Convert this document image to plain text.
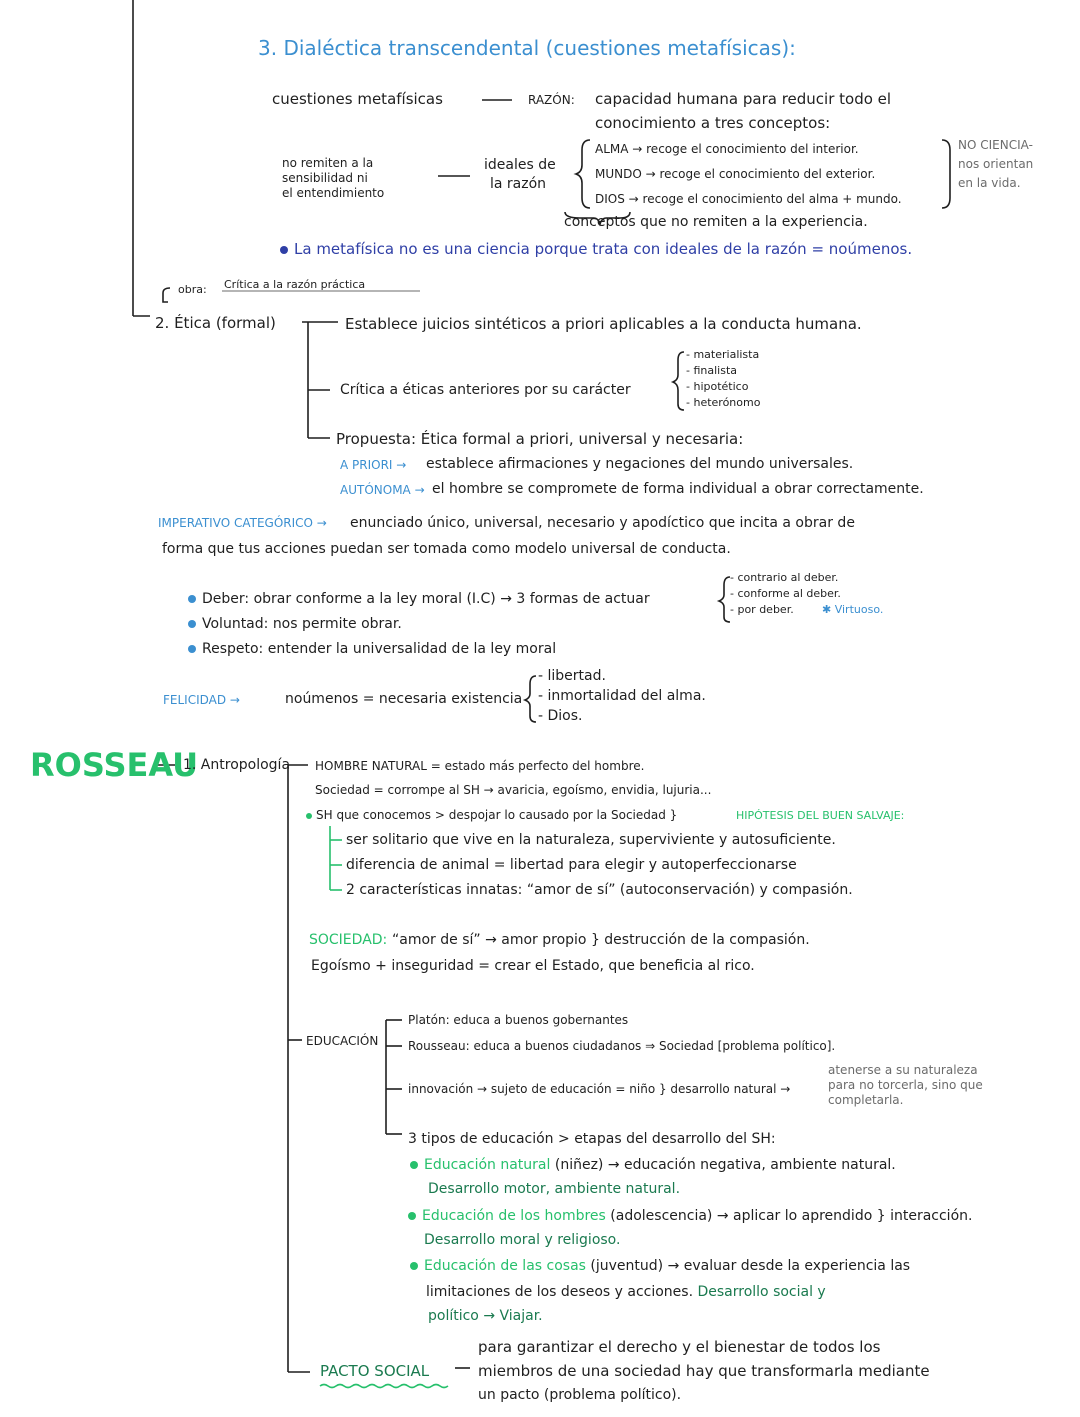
3. Dialéctica transcendental (cuestiones metafísicas):
cuestiones metafísicas	RAZÓN: capacidad humana para reducir todo el
conocimiento a tres conceptos:
no remiten a la
sensibilidad ni
el entendimiento
ideales de
la razón
ALMA → recoge el conocimiento del interior.
MUNDO → recoge el conocimiento del exterior.
DIOS → recoge el conocimiento del alma + mundo.
NO CIENCIA-
nos orientan
en la vida.
conceptos que no remiten a la experiencia.
La metafísica no es una ciencia porque trata con ideales de la razón = noúmenos.
obra: Crítica a la razón práctica
2. Ética (formal)	Establece juicios sintéticos a priori aplicables a la conducta humana.
Crítica a éticas anteriores por su carácter
- materialista
- finalista
- hipotético
- heterónomo
Propuesta: Ética formal a priori, universal y necesaria:
A PRIORI → establece afirmaciones y negaciones del mundo universales.
AUTÓNOMA → el hombre se compromete de forma individual a obrar correctamente.
IMPERATIVO CATEGÓRICO → enunciado único, universal, necesario y apodíctico que incita a obrar de
forma que tus acciones puedan ser tomada como modelo universal de conducta.
Deber: obrar conforme a la ley moral (I.C) → 3 formas de actuar
- contrario al deber.
- conforme al deber.
- por deber.	✱ Virtuoso.
Voluntad: nos permite obrar.
Respeto: entender la universalidad de la ley moral
FELICIDAD →	noúmenos = necesaria existencia
- libertad.
- inmortalidad del alma.
- Dios.
ROSSEAU
1. Antropología HOMBRE NATURAL = estado más perfecto del hombre.
Sociedad = corrompe al SH → avaricia, egoísmo, envidia, lujuria...
SH que conocemos > despojar lo causado por la Sociedad }	HIPÓTESIS DEL BUEN SALVAJE:
ser solitario que vive en la naturaleza, superviviente y autosuficiente.
diferencia de animal = libertad para elegir y autoperfeccionarse
2 características innatas: “amor de sí” (autoconservación) y compasión.
SOCIEDAD: “amor de sí” → amor propio } destrucción de la compasión.
Egoísmo + inseguridad = crear el Estado, que beneficia al rico.
EDUCACIÓN
Platón: educa a buenos gobernantes
Rousseau: educa a buenos ciudadanos ⇒ Sociedad [problema político].
innovación → sujeto de educación = niño } desarrollo natural →
atenerse a su naturaleza
para no torcerla, sino que
completarla.
3 tipos de educación > etapas del desarrollo del SH:
Educación natural (niñez) → educación negativa, ambiente natural.
Desarrollo motor, ambiente natural.
Educación de los hombres (adolescencia) → aplicar lo aprendido } interacción.
Desarrollo moral y religioso.
Educación de las cosas (juventud) → evaluar desde la experiencia las
limitaciones de los deseos y acciones. Desarrollo social y
político → Viajar.
PACTO SOCIAL
para garantizar el derecho y el bienestar de todos los
miembros de una sociedad hay que transformarla mediante
un pacto (problema político).
